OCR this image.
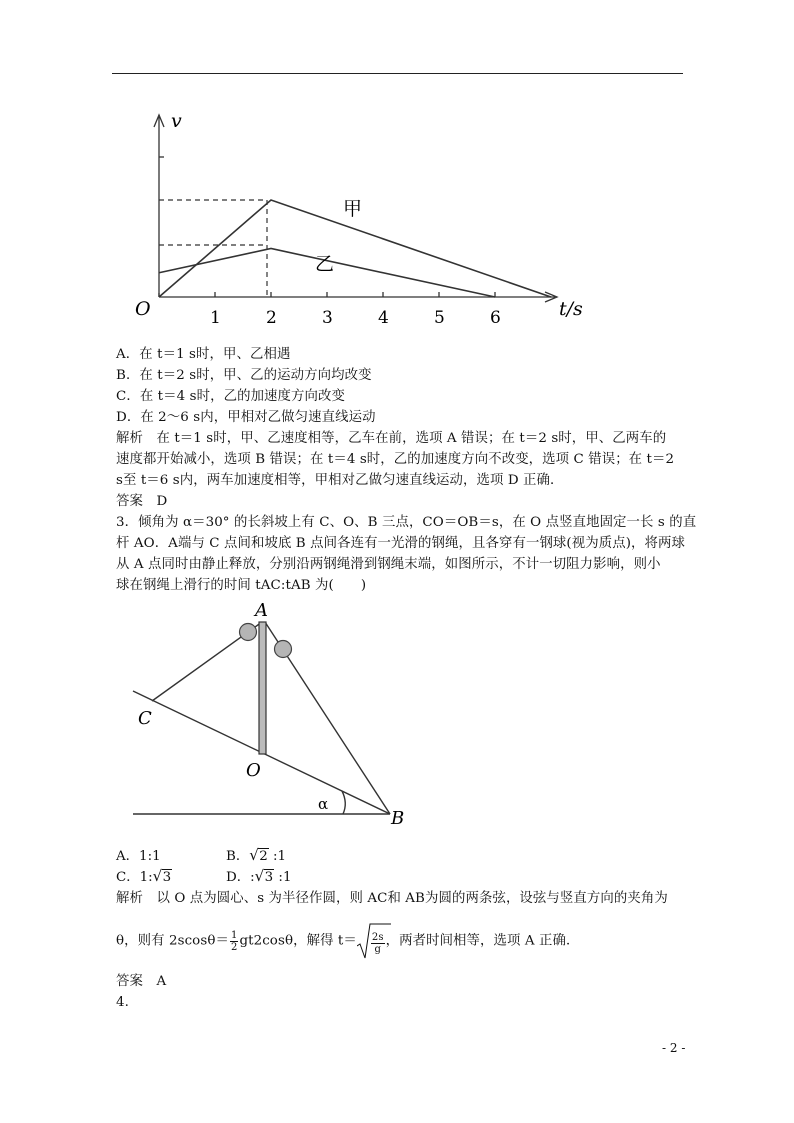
v
O	t/s
甲
乙
1	2	3	4	5	6
A．在 t＝1 s时，甲、乙相遇
B．在 t＝2 s时，甲、乙的运动方向均改变
C．在 t＝4 s时，乙的加速度方向改变
D．在 2～6 s内，甲相对乙做匀速直线运动
解析　在 t＝1 s时，甲、乙速度相等，乙车在前，选项 A 错误；在 t＝2 s时，甲、乙两车的
速度都开始减小，选项 B 错误；在 t＝4 s时，乙的加速度方向不改变，选项 C 错误；在 t＝2
s至 t＝6 s内，两车加速度相等，甲相对乙做匀速直线运动，选项 D 正确．
答案　D
3．倾角为 α＝30° 的长斜坡上有 C、O、B 三点，CO＝OB＝s，在 O 点竖直地固定一长 s 的直
杆 AO．A端与 C 点间和坡底 B 点间各连有一光滑的钢绳，且各穿有一钢球(视为质点)，将两球
从 A 点同时由静止释放，分别沿两钢绳滑到钢绳末端，如图所示，不计一切阻力影响，则小
球在钢绳上滑行的时间 tAC:tAB 为(　　)
A
C
O
B
α
A．1:1	B． √ 2 :1
C．1: √ 3	D．: √ 3 :1
解析　以 O 点为圆心、s 为半径作圆，则 AC和 AB为圆的两条弦，设弦与竖直方向的夹角为
θ，则有 $2scos\theta= \frac{1}{2} gt2\cos\theta$，解得 $t= \frac{2s}{g}$ ，两者时间相等，选项 A 正确．
答案　A
4.
- 2 -
